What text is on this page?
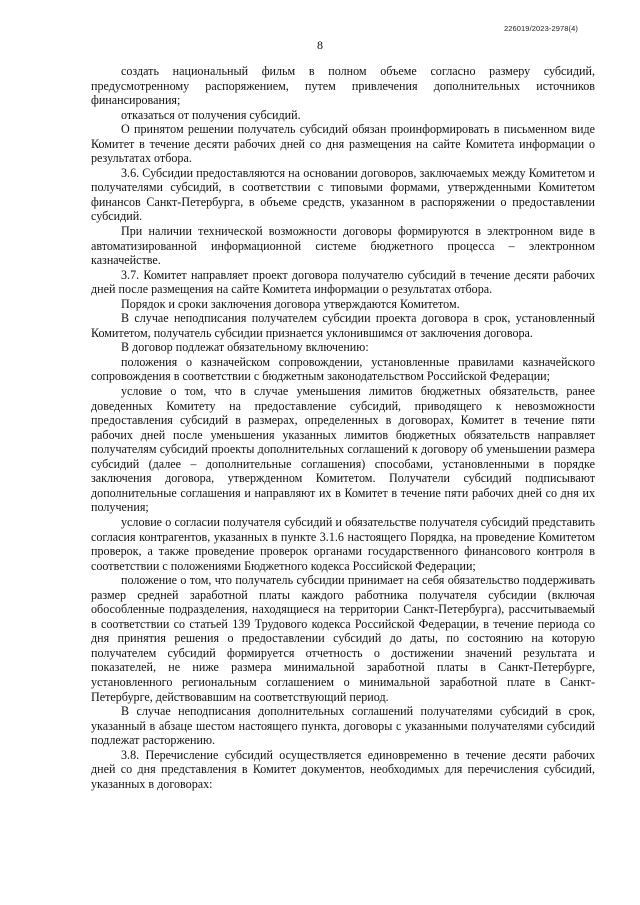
226019/2023-2978(4)
8

создать национальный фильм в полном объеме согласно размеру субсидий, предусмотренному распоряжением, путем привлечения дополнительных источников финансирования;

отказаться от получения субсидий.

О принятом решении получатель субсидий обязан проинформировать в письменном виде Комитет в течение десяти рабочих дней со дня размещения на сайте Комитета информации о результатах отбора.

3.6. Субсидии предоставляются на основании договоров, заключаемых между Комитетом и получателями субсидий, в соответствии с типовыми формами, утвержденными Комитетом финансов Санкт-Петербурга, в объеме средств, указанном в распоряжении о предоставлении субсидий.

При наличии технической возможности договоры формируются в электронном виде в автоматизированной информационной системе бюджетного процесса – электронном казначействе.

3.7. Комитет направляет проект договора получателю субсидий в течение десяти рабочих дней после размещения на сайте Комитета информации о результатах отбора.

Порядок и сроки заключения договора утверждаются Комитетом.

В случае неподписания получателем субсидии проекта договора в срок, установленный Комитетом, получатель субсидии признается уклонившимся от заключения договора.

В договор подлежат обязательному включению:

положения о казначейском сопровождении, установленные правилами казначейского сопровождения в соответствии с бюджетным законодательством Российской Федерации;

условие о том, что в случае уменьшения лимитов бюджетных обязательств, ранее доведенных Комитету на предоставление субсидий, приводящего к невозможности предоставления субсидий в размерах, определенных в договорах, Комитет в течение пяти рабочих дней после уменьшения указанных лимитов бюджетных обязательств направляет получателям субсидий проекты дополнительных соглашений к договору об уменьшении размера субсидий (далее – дополнительные соглашения) способами, установленными в порядке заключения договора, утвержденном Комитетом. Получатели субсидий подписывают дополнительные соглашения и направляют их в Комитет в течение пяти рабочих дней со дня их получения;

условие о согласии получателя субсидий и обязательстве получателя субсидий представить согласия контрагентов, указанных в пункте 3.1.6 настоящего Порядка, на проведение Комитетом проверок, а также проведение проверок органами государственного финансового контроля в соответствии с положениями Бюджетного кодекса Российской Федерации;

положение о том, что получатель субсидии принимает на себя обязательство поддерживать размер средней заработной платы каждого работника получателя субсидии (включая обособленные подразделения, находящиеся на территории Санкт-Петербурга), рассчитываемый в соответствии со статьей 139 Трудового кодекса Российской Федерации, в течение периода со дня принятия решения о предоставлении субсидий до даты, по состоянию на которую получателем субсидий формируется отчетность о достижении значений результата и показателей, не ниже размера минимальной заработной платы в Санкт-Петербурге, установленного региональным соглашением о минимальной заработной плате в Санкт-Петербурге, действовавшим на соответствующий период.

В случае неподписания дополнительных соглашений получателями субсидий в срок, указанный в абзаце шестом настоящего пункта, договоры с указанными получателями субсидий подлежат расторжению.

3.8. Перечисление субсидий осуществляется единовременно в течение десяти рабочих дней со дня представления в Комитет документов, необходимых для перечисления субсидий, указанных в договорах:
